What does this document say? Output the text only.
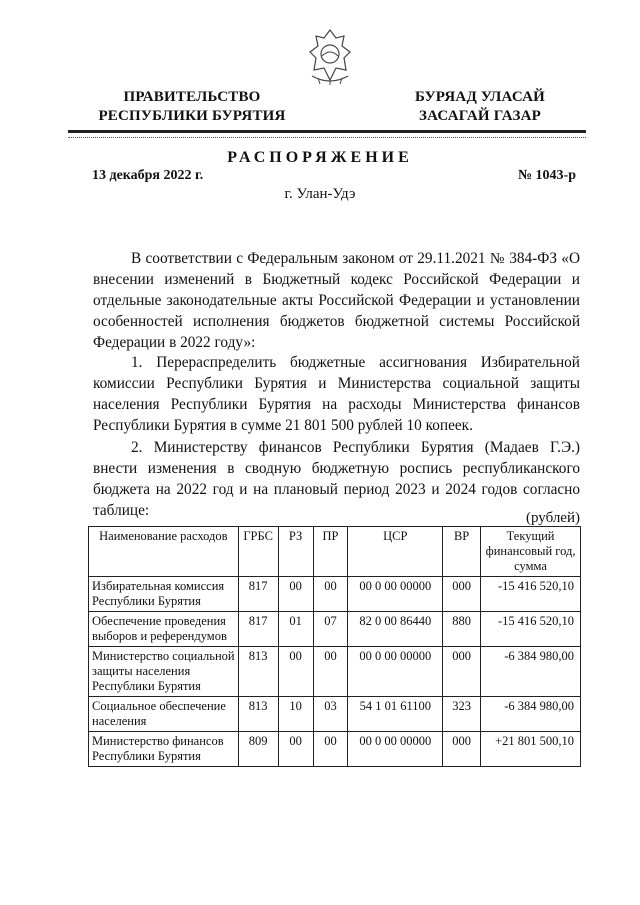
ПРАВИТЕЛЬСТВО
РЕСПУБЛИКИ БУРЯТИЯ
БУРЯАД УЛАСАЙ
ЗАСАГАЙ ГАЗАР
РАСПОРЯЖЕНИЕ
13 декабря 2022 г.	№ 1043-р
г. Улан-Удэ

В соответствии с Федеральным законом от 29.11.2021 № 384-ФЗ «О внесении изменений в Бюджетный кодекс Российской Федерации и отдельные законодательные акты Российской Федерации и установлении особенностей исполнения бюджетов бюджетной системы Российской Федерации в 2022 году»:

1. Перераспределить бюджетные ассигнования Избирательной комиссии Республики Бурятия и Министерства социальной защиты населения Республики Бурятия на расходы Министерства финансов Республики Бурятия в сумме 21 801 500 рублей 10 копеек.

2. Министерству финансов Республики Бурятия (Мадаев Г.Э.) внести изменения в сводную бюджетную роспись республиканского бюджета на 2022 год и на плановый период 2023 и 2024 годов согласно таблице:	(рублей)
Наименование расходов	ГРБС	РЗ	ПР	ЦСР	ВР	Текущий финансовый год, сумма
Избирательная комиссия Республики Бурятия	817	00	00	00 0 00 00000	000	-15 416 520,10
Обеспечение проведения выборов и референдумов	817	01	07	82 0 00 86440	880	-15 416 520,10
Министерство социальной защиты населения Республики Бурятия	813	00	00	00 0 00 00000	000	-6 384 980,00
Социальное обеспечение населения	813	10	03	54 1 01 61100	323	-6 384 980,00
Министерство финансов Республики Бурятия	809	00	00	00 0 00 00000	000	+21 801 500,10
